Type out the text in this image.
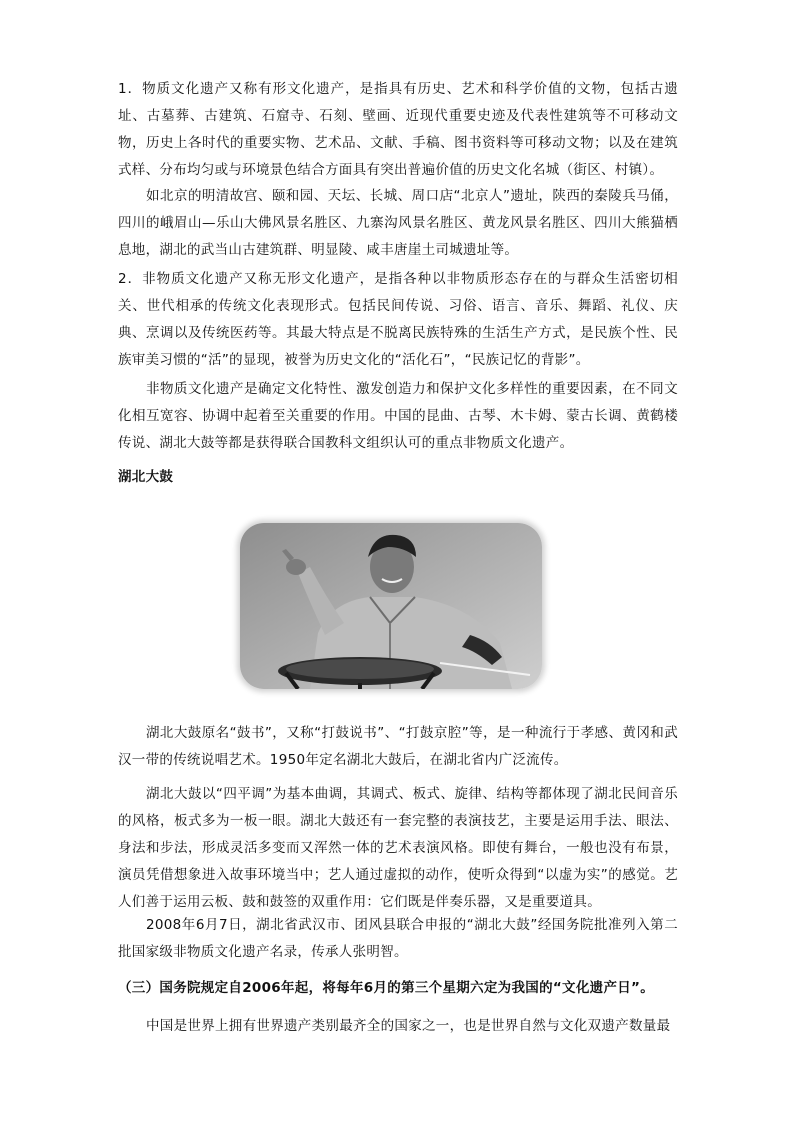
1．物质文化遗产又称有形文化遗产，是指具有历史、艺术和科学价值的文物，包括古遗址、古墓葬、古建筑、石窟寺、石刻、壁画、近现代重要史迹及代表性建筑等不可移动文物，历史上各时代的重要实物、艺术品、文献、手稿、图书资料等可移动文物；以及在建筑式样、分布均匀或与环境景色结合方面具有突出普遍价值的历史文化名城（街区、村镇）。

如北京的明清故宫、颐和园、天坛、长城、周口店“北京人”遗址，陕西的秦陵兵马俑，四川的峨眉山—乐山大佛风景名胜区、九寨沟风景名胜区、黄龙风景名胜区、四川大熊猫栖息地，湖北的武当山古建筑群、明显陵、咸丰唐崖土司城遗址等。

2．非物质文化遗产又称无形文化遗产，是指各种以非物质形态存在的与群众生活密切相关、世代相承的传统文化表现形式。包括民间传说、习俗、语言、音乐、舞蹈、礼仪、庆典、烹调以及传统医药等。其最大特点是不脱离民族特殊的生活生产方式，是民族个性、民族审美习惯的“活”的显现，被誉为历史文化的“活化石”，“民族记忆的背影”。

非物质文化遗产是确定文化特性、激发创造力和保护文化多样性的重要因素，在不同文化相互宽容、协调中起着至关重要的作用。中国的昆曲、古琴、木卡姆、蒙古长调、黄鹤楼传说、湖北大鼓等都是获得联合国教科文组织认可的重点非物质文化遗产。

湖北大鼓

湖北大鼓原名“鼓书”，又称“打鼓说书”、“打鼓京腔”等，是一种流行于孝感、黄冈和武汉一带的传统说唱艺术。1950年定名湖北大鼓后，在湖北省内广泛流传。

湖北大鼓以“四平调”为基本曲调，其调式、板式、旋律、结构等都体现了湖北民间音乐的风格，板式多为一板一眼。湖北大鼓还有一套完整的表演技艺，主要是运用手法、眼法、身法和步法，形成灵活多变而又浑然一体的艺术表演风格。即使有舞台，一般也没有布景，演员凭借想象进入故事环境当中；艺人通过虚拟的动作，使听众得到“以虚为实”的感觉。艺人们善于运用云板、鼓和鼓签的双重作用：它们既是伴奏乐器，又是重要道具。

2008年6月7日，湖北省武汉市、团风县联合申报的“湖北大鼓”经国务院批准列入第二批国家级非物质文化遗产名录，传承人张明智。

（三）国务院规定自2006年起，将每年6月的第三个星期六定为我国的“文化遗产日”。

中国是世界上拥有世界遗产类别最齐全的国家之一，也是世界自然与文化双遗产数量最
